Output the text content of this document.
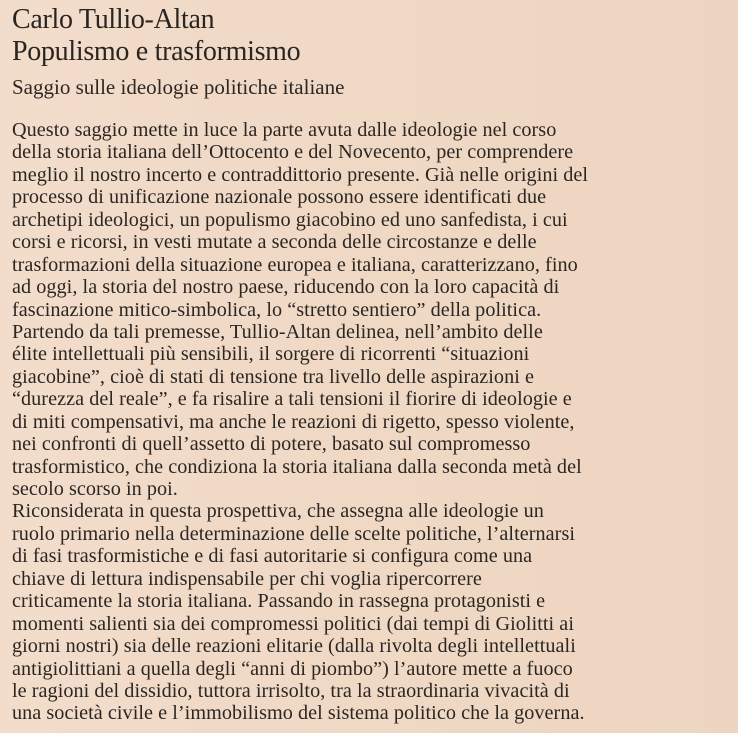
Carlo Tullio-Altan
Populismo e trasformismo
Saggio sulle ideologie politiche italiane
Questo saggio mette in luce la parte avuta dalle ideologie nel corso
della storia italiana dell’Ottocento e del Novecento, per comprendere
meglio il nostro incerto e contraddittorio presente. Già nelle origini del
processo di unificazione nazionale possono essere identificati due
archetipi ideologici, un populismo giacobino ed uno sanfedista, i cui
corsi e ricorsi, in vesti mutate a seconda delle circostanze e delle
trasformazioni della situazione europea e italiana, caratterizzano, fino
ad oggi, la storia del nostro paese, riducendo con la loro capacità di
fascinazione mitico-simbolica, lo “stretto sentiero” della politica.
Partendo da tali premesse, Tullio-Altan delinea, nell’ambito delle
élite intellettuali più sensibili, il sorgere di ricorrenti “situazioni
giacobine”, cioè di stati di tensione tra livello delle aspirazioni e
“durezza del reale”, e fa risalire a tali tensioni il fiorire di ideologie e
di miti compensativi, ma anche le reazioni di rigetto, spesso violente,
nei confronti di quell’assetto di potere, basato sul compromesso
trasformistico, che condiziona la storia italiana dalla seconda metà del
secolo scorso in poi.
Riconsiderata in questa prospettiva, che assegna alle ideologie un
ruolo primario nella determinazione delle scelte politiche, l’alternarsi
di fasi trasformistiche e di fasi autoritarie si configura come una
chiave di lettura indispensabile per chi voglia ripercorrere
criticamente la storia italiana. Passando in rassegna protagonisti e
momenti salienti sia dei compromessi politici (dai tempi di Giolitti ai
giorni nostri) sia delle reazioni elitarie (dalla rivolta degli intellettuali
antigiolittiani a quella degli “anni di piombo”) l’autore mette a fuoco
le ragioni del dissidio, tuttora irrisolto, tra la straordinaria vivacità di
una società civile e l’immobilismo del sistema politico che la governa.
